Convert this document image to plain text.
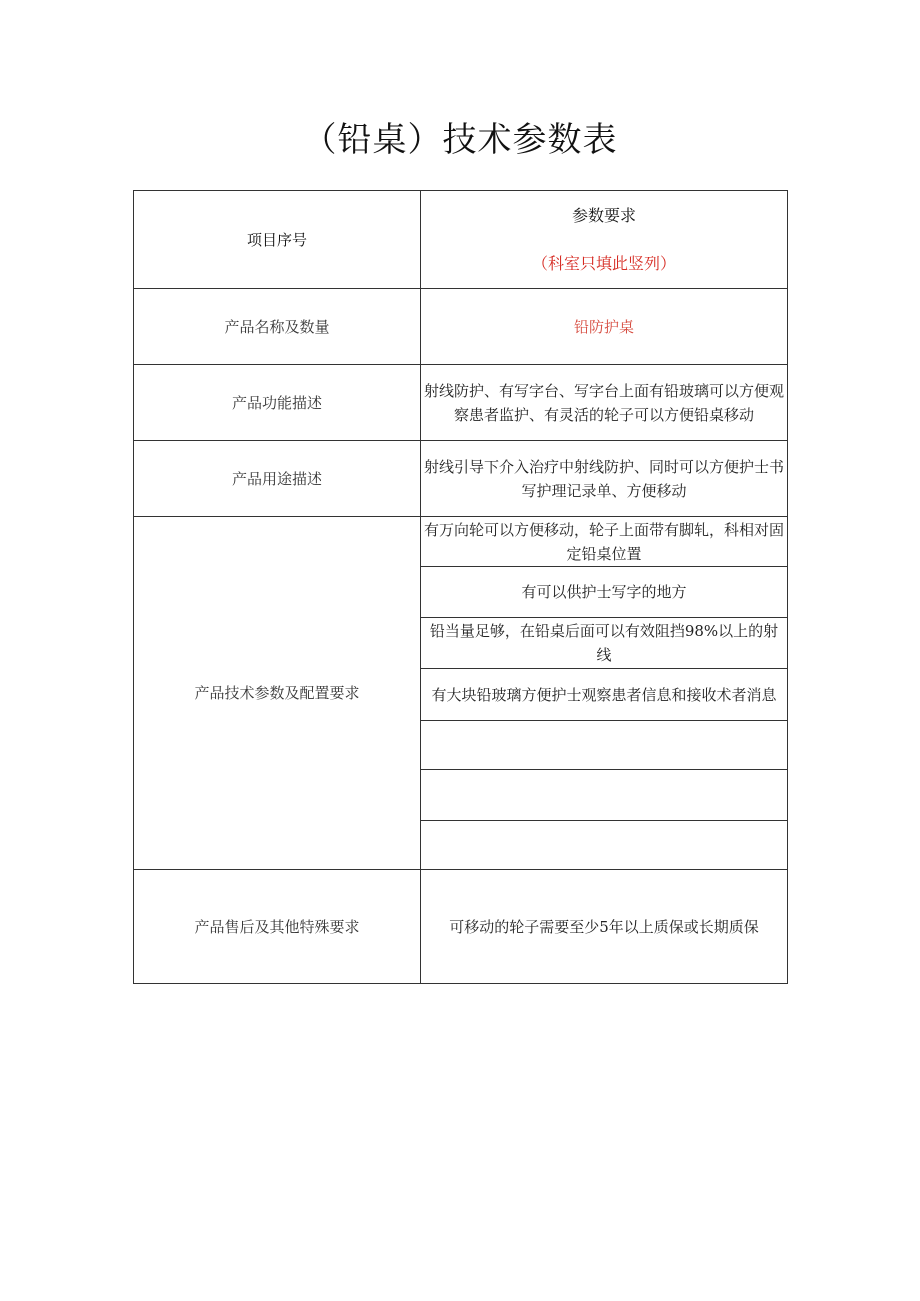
（铅桌）技术参数表
项目序号	参数要求
（科室只填此竖列）

产品名称及数量	铅防护桌
产品功能描述	射线防护、有写字台、写字台上面有铅玻璃可以方便观察患者监护、有灵活的轮子可以方便铅桌移动
产品用途描述	射线引导下介入治疗中射线防护、同时可以方便护士书写护理记录单、方便移动
产品技术参数及配置要求	有万向轮可以方便移动，轮子上面带有脚轧，科相对固定铅桌位置
	有可以供护士写字的地方
	铅当量足够，在铅桌后面可以有效阻挡98%以上的射线
	有大块铅玻璃方便护士观察患者信息和接收术者消息

产品售后及其他特殊要求	可移动的轮子需要至少5年以上质保或长期质保
